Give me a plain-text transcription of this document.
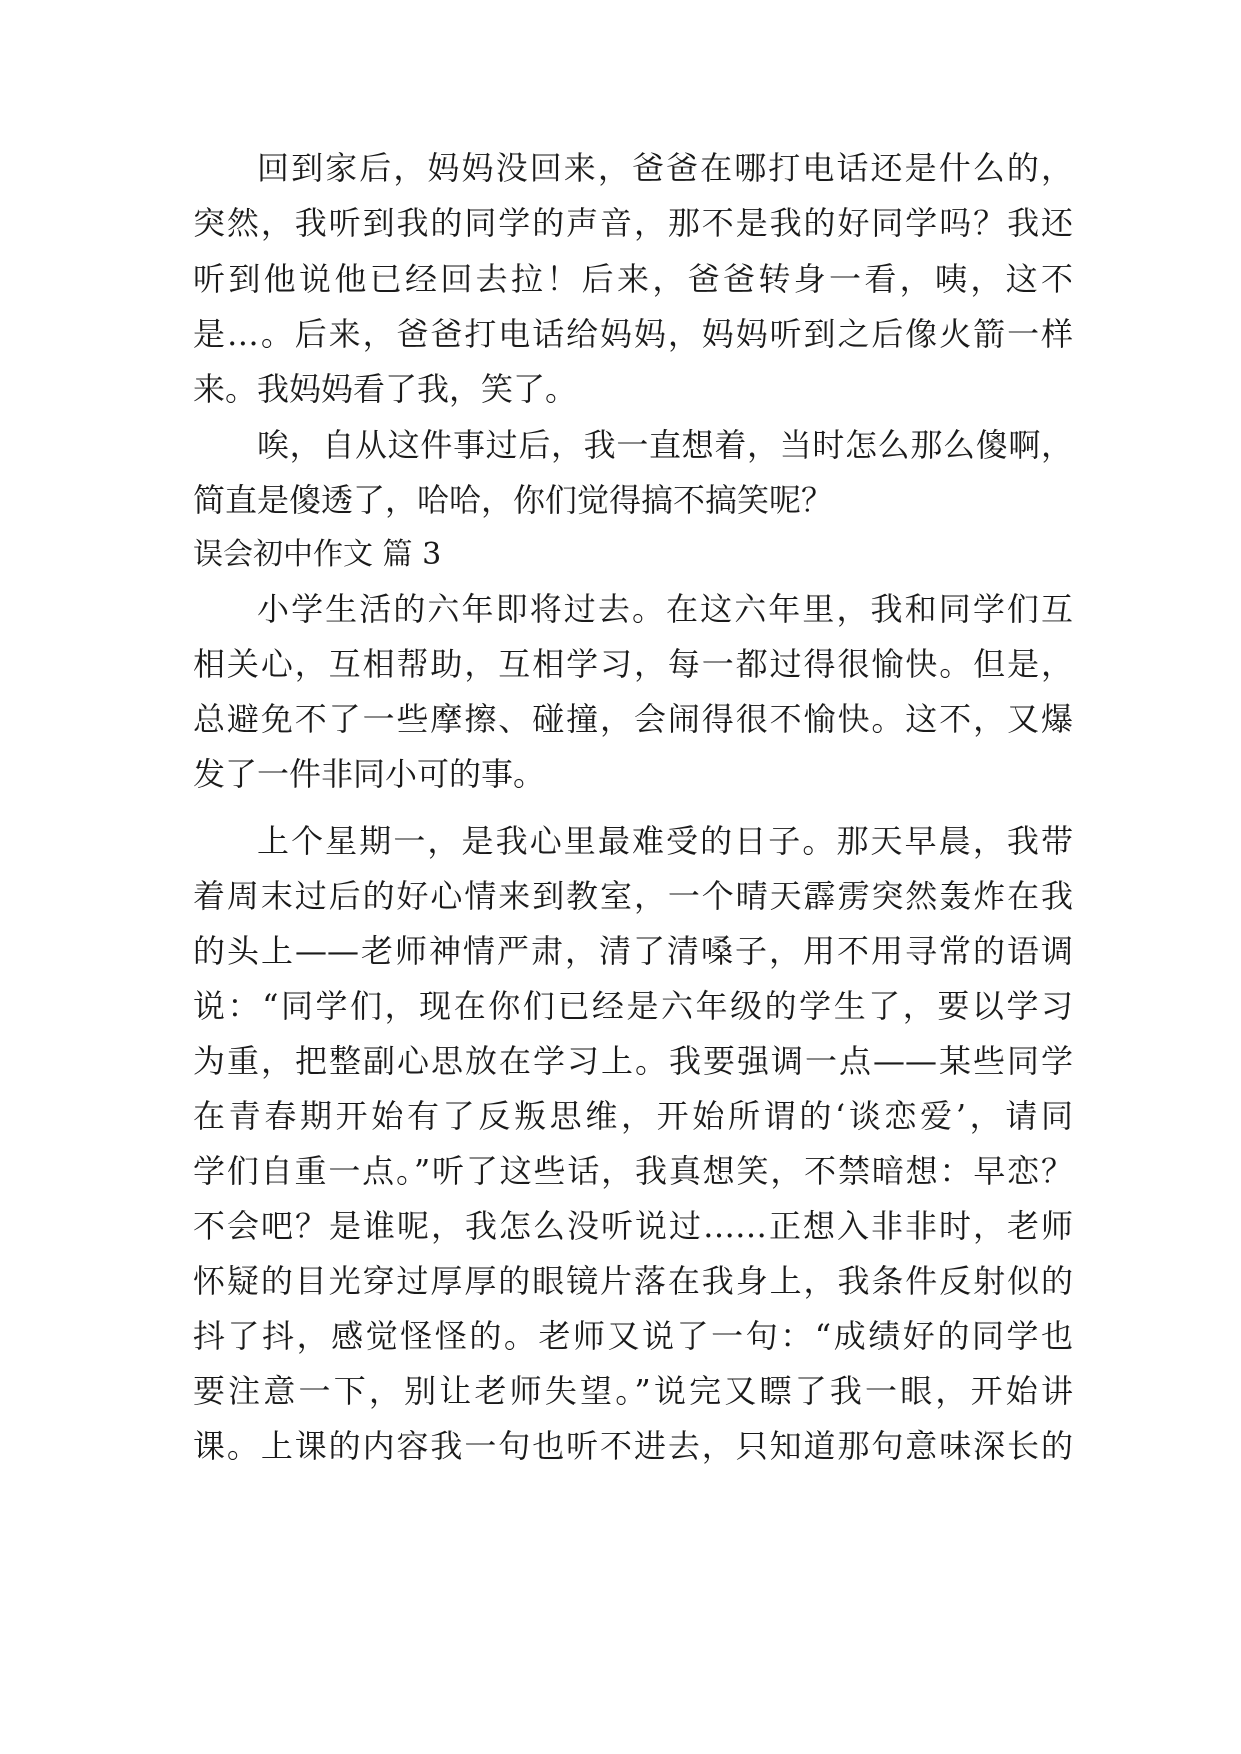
回到家后，妈妈没回来，爸爸在哪打电话还是什么的，
突然，我听到我的同学的声音，那不是我的好同学吗？我还
听到他说他已经回去拉！后来，爸爸转身一看，咦，这不
是…。后来，爸爸打电话给妈妈，妈妈听到之后像火箭一样
来。我妈妈看了我，笑了。
唉，自从这件事过后，我一直想着，当时怎么那么傻啊，
简直是傻透了，哈哈，你们觉得搞不搞笑呢？
误会初中作文 篇 3
小学生活的六年即将过去。在这六年里，我和同学们互
相关心，互相帮助，互相学习，每一都过得很愉快。但是，
总避免不了一些摩擦、碰撞，会闹得很不愉快。这不，又爆
发了一件非同小可的事。
上个星期一，是我心里最难受的日子。那天早晨，我带
着周末过后的好心情来到教室，一个晴天霹雳突然轰炸在我
的头上——老师神情严肃，清了清嗓子，用不用寻常的语调
说：“同学们，现在你们已经是六年级的学生了，要以学习
为重，把整副心思放在学习上。我要强调一点——某些同学
在青春期开始有了反叛思维，开始所谓的‘谈恋爱’，请同
学们自重一点。”听了这些话，我真想笑，不禁暗想：早恋？
不会吧？是谁呢，我怎么没听说过……正想入非非时，老师
怀疑的目光穿过厚厚的眼镜片落在我身上，我条件反射似的
抖了抖，感觉怪怪的。老师又说了一句：“成绩好的同学也
要注意一下，别让老师失望。”说完又瞟了我一眼，开始讲
课。上课的内容我一句也听不进去，只知道那句意味深长的
